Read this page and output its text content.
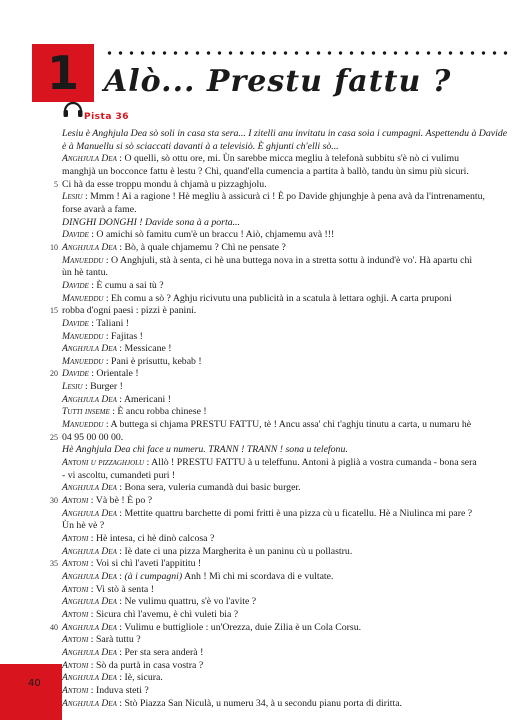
1 Alò... Prestu fattu ?
Pista 36
Lesiu è Anghjula Dea sò soli in casa sta sera... I zitelli anu invitatu in casa soia i cumpagni. Aspettendu à Davide
è à Manuellu si sò sciaccati davanti à a televisiò. È ghjunti ch'elli sò...
Anghjula Dea : O quelli, sò ottu ore, mi. Ùn sarebbe micca megliu à telefonà subbitu s'è nò ci vulimu
manghjà un bocconce fattu è lestu ? Chì, quand'ella cumencia a partita à ballò, tandu ùn simu più sicuri.
5 Ci hà da esse troppu mondu à chjamà u pizzaghjolu.
Lesiu : Mmm ! Ai a ragione ! Hè megliu à assicurà ci ! È po Davide ghjunghje à pena avà da l'intrenamentu,
forse avarà a fame.
DINGHI DONGHI ! Davide sona à a porta...
Davide : O amichi sò famitu cum'è un braccu ! Aiò, chjamemu avà !!!
10 Anghjula Dea : Bò, à quale chjamemu ? Chì ne pensate ?
Manueddu : O Anghjuli, stà à senta, ci hè una buttega nova in a stretta sottu à indund'è vo'. Hà apartu chì
ùn hè tantu.
Davide : È cumu a sai tù ?
Manueddu : Eh comu a sò ? Aghju ricivutu una publicità in a scatula à lettara oghji. A carta pruponi
15 robba d'ogni paesi : pizzi è panini.
Davide : Taliani !
Manueddu : Fajitas !
Anghjula Dea : Messicane !
Manueddu : Pani è prisuttu, kebab !
20 Davide : Orientale !
Lesiu : Burger !
Anghjula Dea : Americani !
Tutti inseme : È ancu robba chinese !
Manueddu : A buttega si chjama PRESTU FATTU, tè ! Ancu assa' chì t'aghju tinutu a carta, u numaru hè
25 04 95 00 00 00.
Hè Anghjula Dea chì face u numeru. TRANN ! TRANN ! sona u telefonu.
Antoni u pizzaghjolu : Allò ! PRESTU FATTU à u teleffunu. Antoni à piglià a vostra cumanda - bona sera
- vi ascoltu, cumandeti puri !
Anghjula Dea : Bona sera, vuleria cumandà dui basic burger.
30 Antoni : Và bè ! È po ?
Anghjula Dea : Mettite quattru barchette di pomi fritti è una pizza cù u ficatellu. Hè a Niulinca mi pare ?
Ùn hè vè ?
Antoni : Hè intesa, ci hè dinò calcosa ?
Anghjula Dea : Iè date ci una pizza Margherita è un paninu cù u pollastru.
35 Antoni : Voi si chì l'aveti l'appititu !
Anghjula Dea : (à i cumpagni) Anh ! Mì chì mi scordava di e vultate.
Antoni : Vi stò à senta !
Anghjula Dea : Ne vulimu quattru, s'è vo l'avite ?
Antoni : Sicura chì l'avemu, è chì vuleti bia ?
40 Anghjula Dea : Vulimu e buttigliole : un'Orezza, duie Zilia è un Cola Corsu.
Antoni : Sarà tuttu ?
Anghjula Dea : Per sta sera anderà !
Antoni : Sò da purtà in casa vostra ?
Anghjula Dea : Iè, sicura.
Antoni : Induva steti ?
Anghjula Dea : Stò Piazza San Niculà, u numeru 34, à u secondu pianu porta di diritta.
40
